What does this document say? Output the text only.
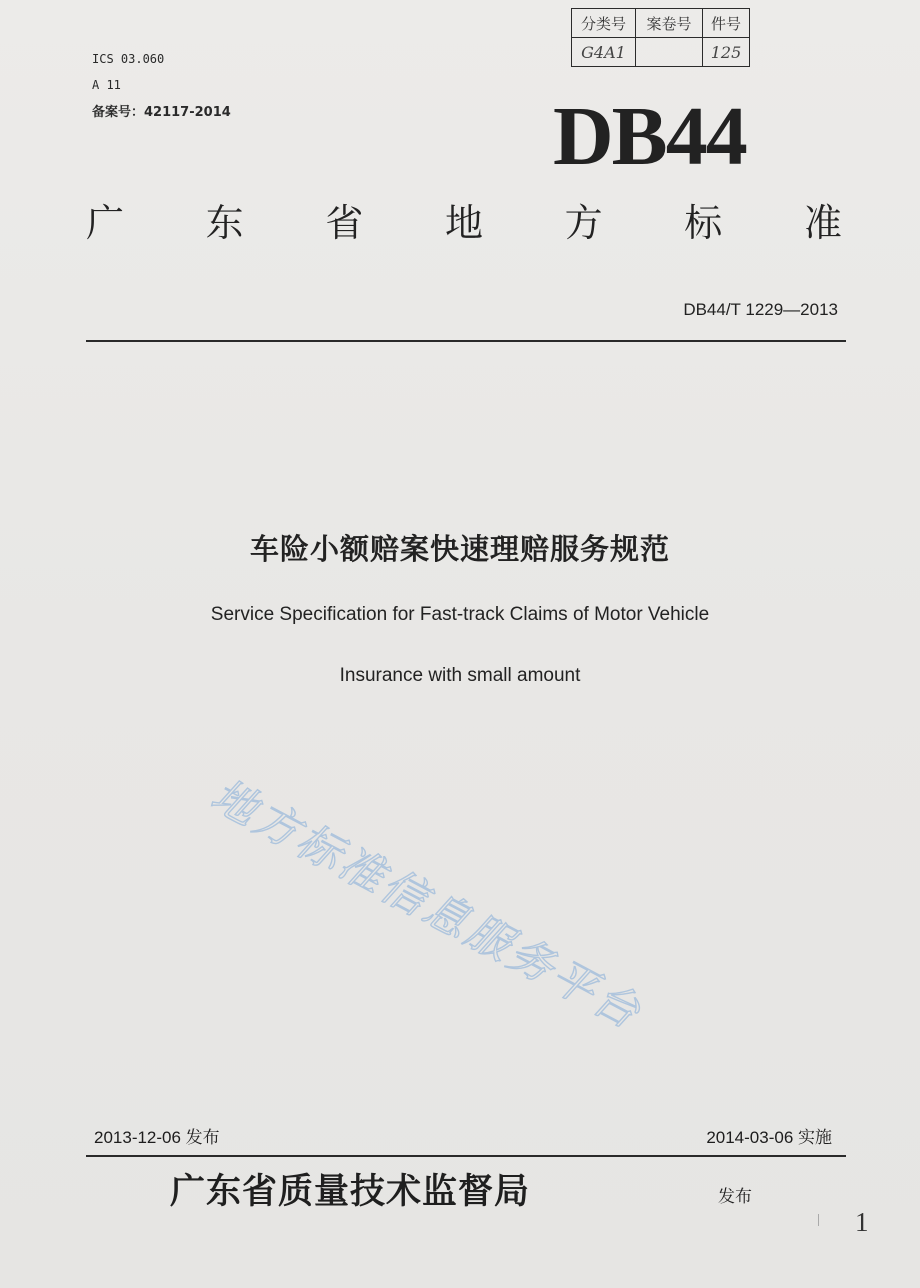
ICS 03.060
A 11
备案号：42117-2014
分类号	案卷号	件号
G4A1		125
DB44
广 东 省 地 方 标 准
DB44/T 1229—2013
车险小额赔案快速理赔服务规范
Service Specification for Fast-track Claims of Motor Vehicle
Insurance with small amount
地方标准信息服务平台
2013-12-06 发布	2014-03-06 实施
广东省质量技术监督局	发布
1
